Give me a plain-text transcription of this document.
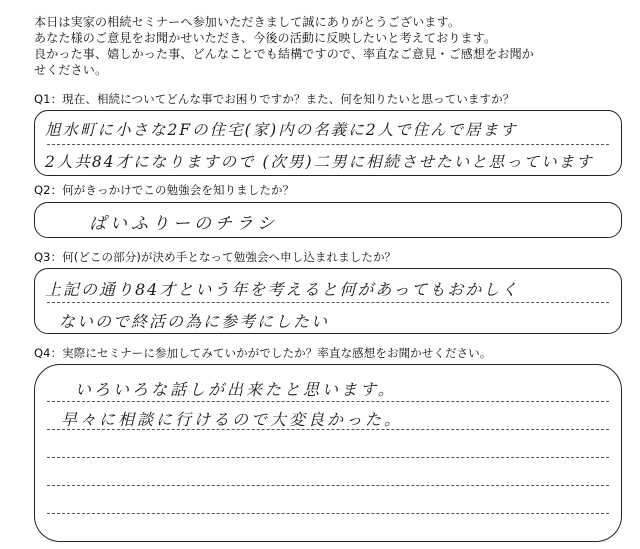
本日は実家の相続セミナーへ参加いただきまして誠にありがとうございます。
あなた様のご意見をお聞かせいただき、今後の活動に反映したいと考えております。
良かった事、嬉しかった事、どんなことでも結構ですので、率直なご意見・ご感想をお聞か
せください。
Q1：現在、相続についてどんな事でお困りですか？また、何を知りたいと思っていますか？
旭水町に小さな2Fの住宅(家)内の名義に2人で住んで居ます
2人共84才になりますので (次男)二男に相続させたいと思っています
Q2：何がきっかけでこの勉強会を知りましたか？
ぱいふりーのチラシ
Q3：何(どこの部分)が決め手となって勉強会へ申し込まれましたか？
上記の通り84才という年を考えると何があってもおかしく
ないので終活の為に参考にしたい
Q4：実際にセミナーに参加してみていかがでしたか？率直な感想をお聞かせください。
いろいろな話しが出来たと思います。
早々に相談に行けるので大変良かった。
